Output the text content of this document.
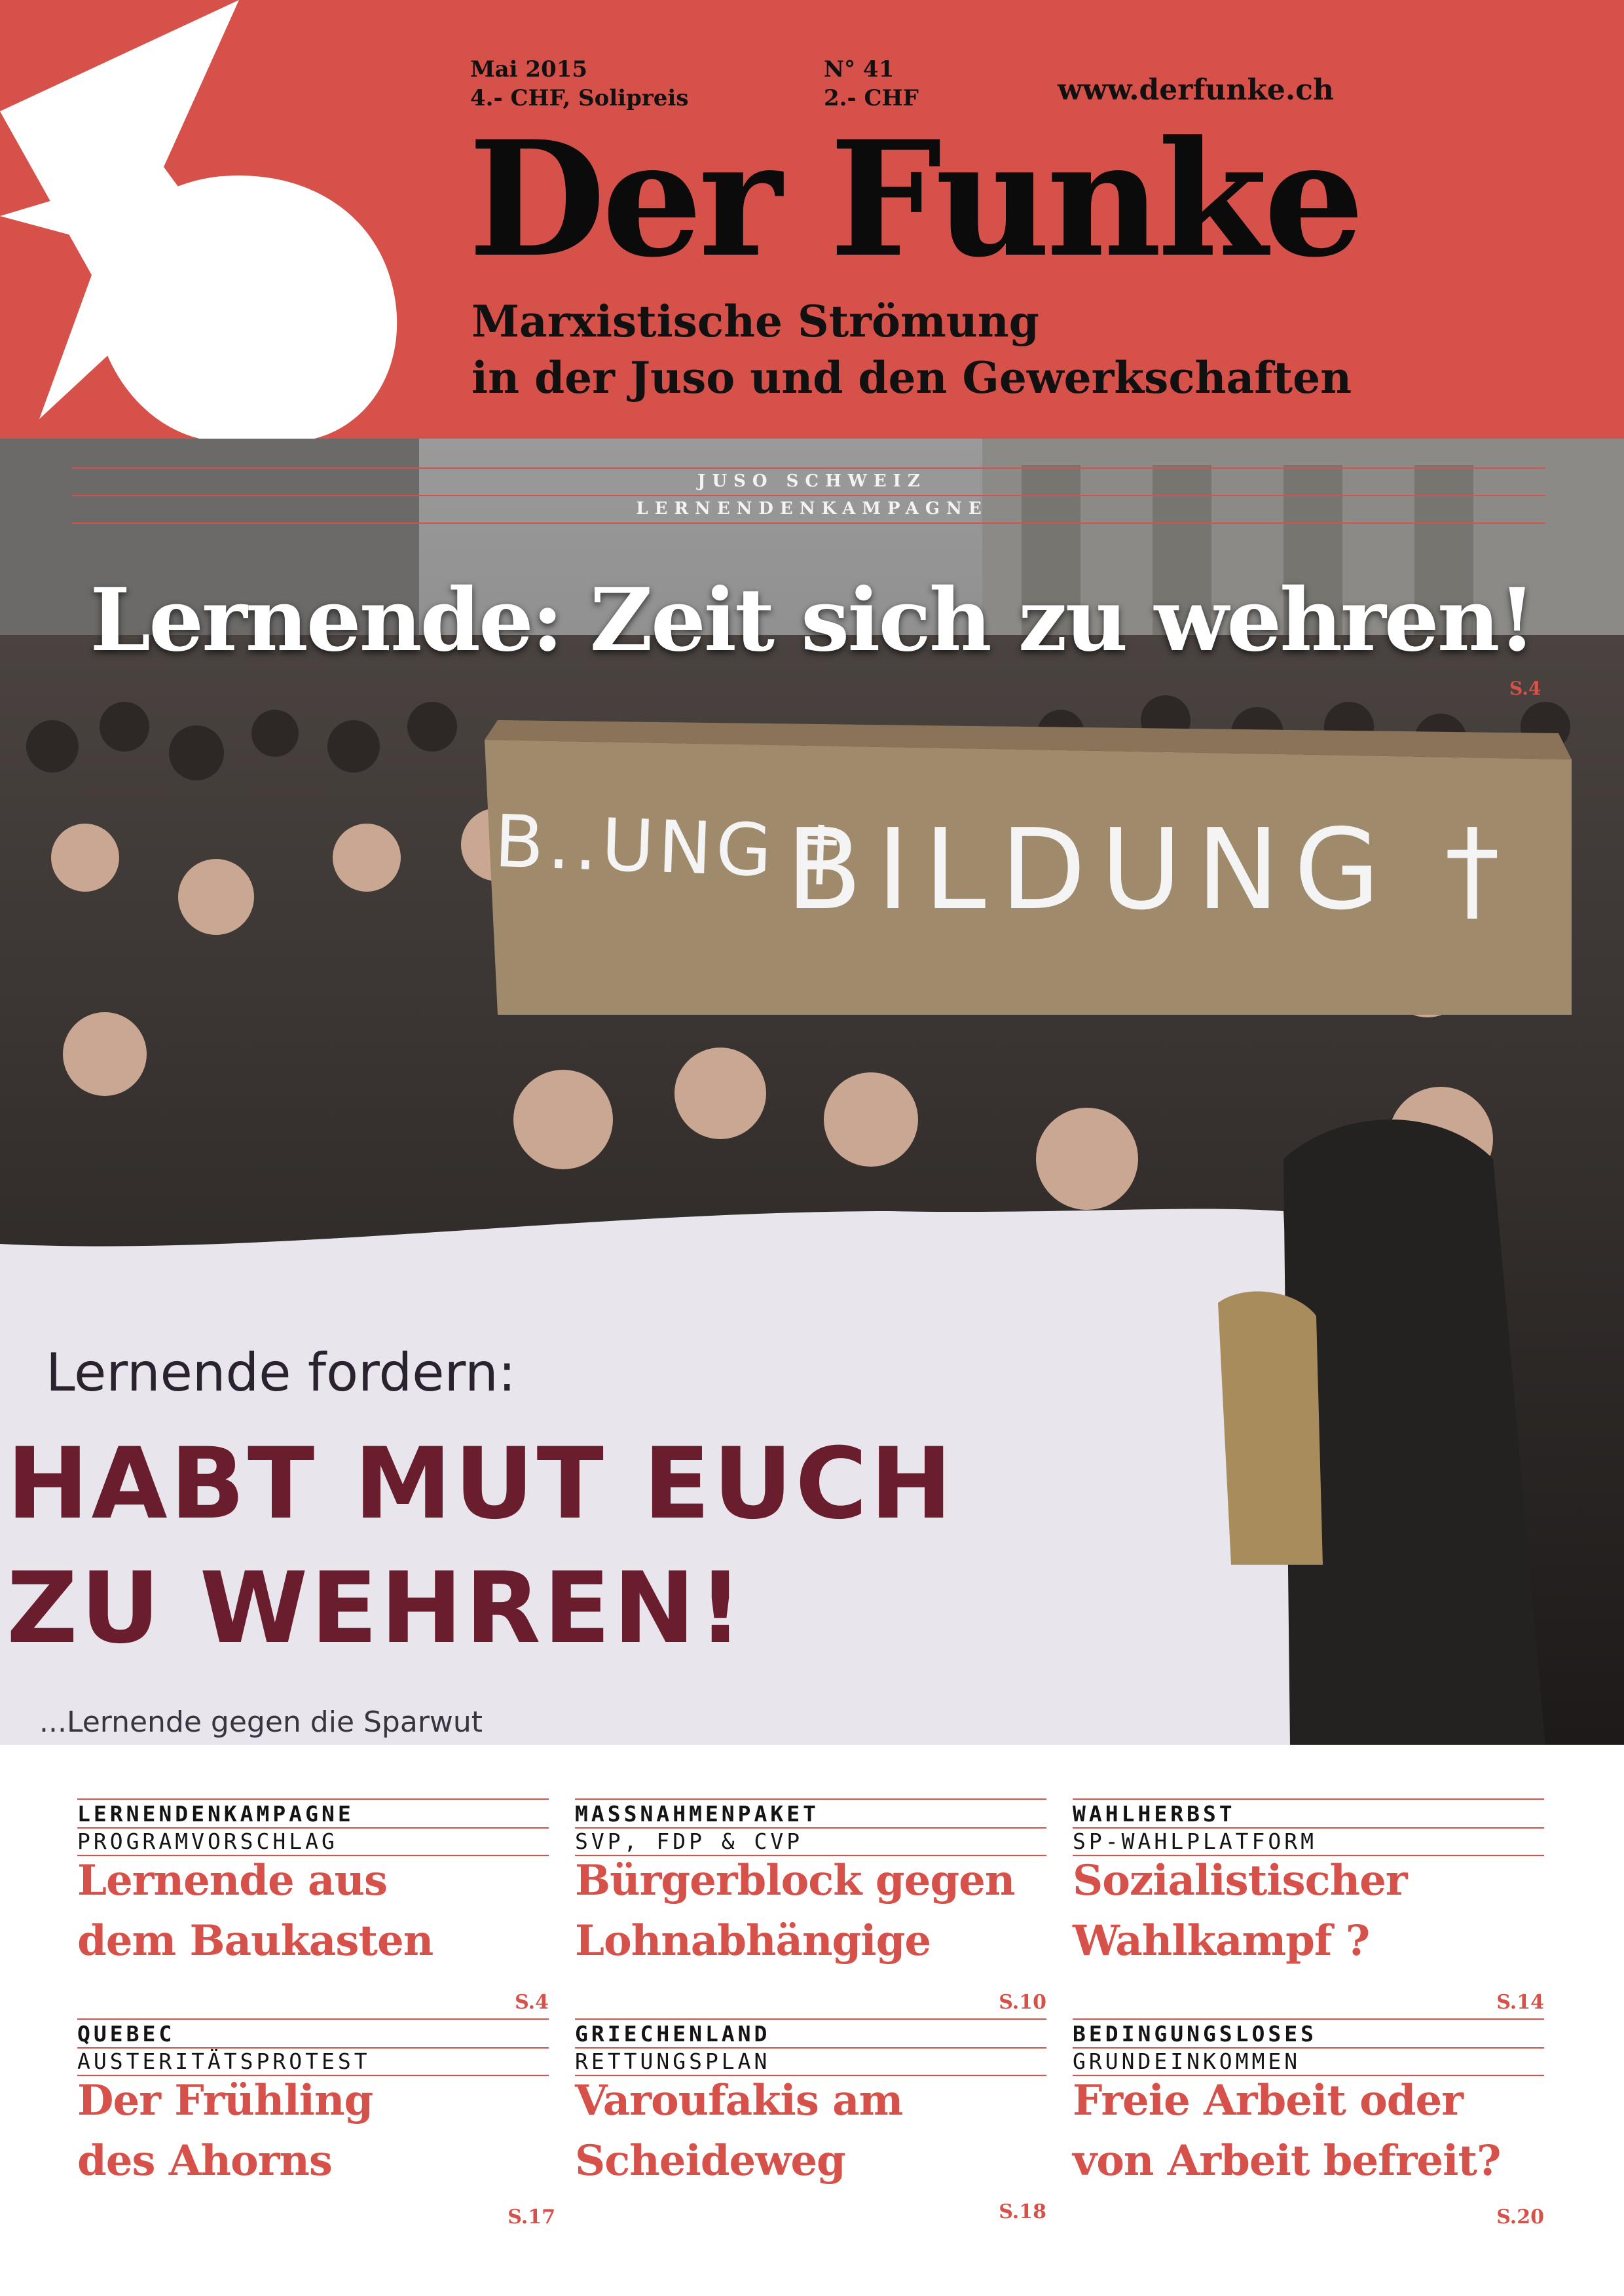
Mai 2015
4.- CHF, Solipreis
N° 41
2.- CHF	www.derfunke.ch
Der Funke
Marxistische Strömung
in der Juso und den Gewerkschaften
B..UNG †
BILDUNG †
Lernende fordern:
HABT MUT EUCH
ZU WEHREN!
...Lernende gegen die Sparwut
JUSO SCHWEIZ
LERNENDENKAMPAGNE
Lernende: Zeit sich zu wehren!
S.4
LERNENDENKAMPAGNE
PROGRAMVORSCHLAG
Lernende aus
dem Baukasten
S.4
MASSNAHMENPAKET
SVP, FDP & CVP
Bürgerblock gegen
Lohnabhängige
S.10
WAHLHERBST
SP-WAHLPLATFORM
Sozialistischer
Wahlkampf ?
S.14
QUEBEC
AUSTERITÄTSPROTEST
Der Frühling
des Ahorns
S.17
GRIECHENLAND
RETTUNGSPLAN
Varoufakis am
Scheideweg
S.18
BEDINGUNGSLOSES
GRUNDEINKOMMEN
Freie Arbeit oder
von Arbeit befreit?
S.20
